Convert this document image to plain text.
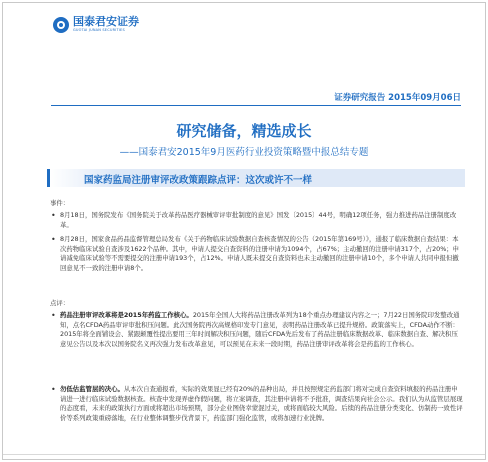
国泰君安证券
GUOTAI JUNAN SECURITIES
证券研究报告 2015年09月06日
研究储备，精选成长
——国泰君安2015年9月医药行业投资策略暨中报总结专题
国家药监局注册审评改政策跟踪点评：这次或许不一样
事件：
• 8月18日，国务院发布《国务院关于改革药品医疗器械审评审批制度的意见》国发〔2015〕44号，明确12项任务，强力推进药品注册制度改革。
• 8月28日，国家食品药品监督管理总局发布《关于药物临床试验数据自查核查情况的公告（2015年第169号）》，通报了临床数据自查结果：本次药物临床试验自查涉及1622个品种。其中，申请人提交自查资料的注册申请为1094个，占67%；主动撤回的注册申请317个，占20%；申请减免临床试验等不需要提交的注册申请193个，占12%。申请人既未提交自查资料也未主动撤回的注册申请10个，多个申请人共同申报但撤回意见不一致的注册申请8个。
点评：
• 药品注册审评改革将是2015年药监工作核心。2015年全国人大将药品注册改革列为18个重点办理建议内容之一；7月22日国务院印发整改通知，点名CFDA药品审评审批积压问题。此次国务院再次高规格印发专门意见，表明药品注册改革已提升规格。政策落实上，CFDA动作不断：2015年将全面铺设会、紧跟颠覆性提出要用三年时间解决积压问题，随后CFDA先后发布了药品注册临床数据改革、临床数据自查、解决积压意见公告以及本次以国务院名义再次强力发布改革意见，可以预见在未来一段时期，药品注册审评改革将会是药监的工作核心。
• 勿低估监管层的决心。从本次自查通报看，实际的效果显已经有20%的品种出局，并且按照规定药监部门将对完成自查资料填报的药品注册申请进一进行临床试验数据核查。核查中发现弄虚作假问题，将立案调查，其注册申请将不予批准，调查结果向社会公示。我们认为从监管层展现的态度看，未来的政策执行方面或将超出市场预期，部分企业图侥幸蒙混过关，或将面临较大风险。后续的药品注册分类变化、仿制药一致性评价等系列政策重磅落地，在行业整体调整步伐背景下，药监部门强化监管，或将加速行业洗牌。
